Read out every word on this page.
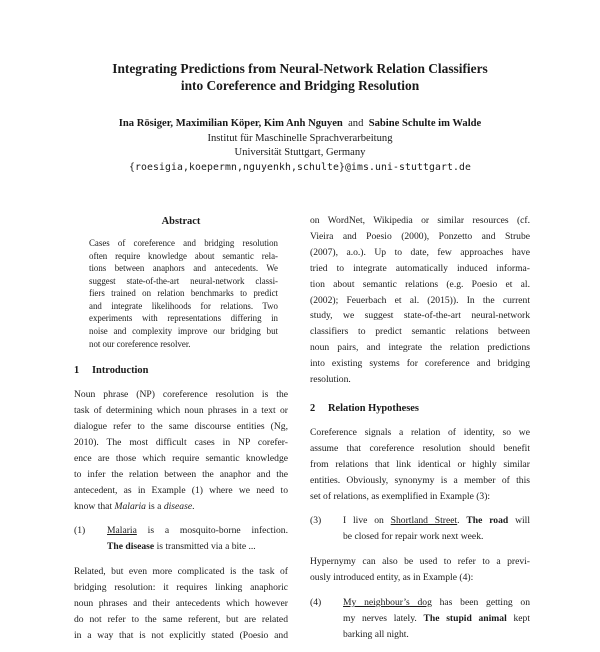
Integrating Predictions from Neural-Network Relation Classifiers
into Coreference and Bridging Resolution
Ina Rösiger, Maximilian Köper, Kim Anh Nguyen and Sabine Schulte im Walde
Institut für Maschinelle Sprachverarbeitung
Universität Stuttgart, Germany
{roesigia,koepermn,nguyenkh,schulte}@ims.uni-stuttgart.de
Abstract
Cases of coreference and bridging resolution
often require knowledge about semantic rela-
tions between anaphors and antecedents. We
suggest state-of-the-art neural-network classi-
fiers trained on relation benchmarks to predict
and integrate likelihoods for relations. Two
experiments with representations differing in
noise and complexity improve our bridging but
not our coreference resolver.
1 Introduction
Noun phrase (NP) coreference resolution is the
task of determining which noun phrases in a text or
dialogue refer to the same discourse entities (Ng,
2010). The most difficult cases in NP corefer-
ence are those which require semantic knowledge
to infer the relation between the anaphor and the
antecedent, as in Example (1) where we need to
know that Malaria is a disease.
(1)	Malaria is a mosquito-borne infection.
The disease is transmitted via a bite ...
Related, but even more complicated is the task of
bridging resolution: it requires linking anaphoric
noun phrases and their antecedents which however
do not refer to the same referent, but are related
in a way that is not explicitly stated (Poesio and
on WordNet, Wikipedia or similar resources (cf.
Vieira and Poesio (2000), Ponzetto and Strube
(2007), a.o.). Up to date, few approaches have
tried to integrate automatically induced informa-
tion about semantic relations (e.g. Poesio et al.
(2002); Feuerbach et al. (2015)). In the current
study, we suggest state-of-the-art neural-network
classifiers to predict semantic relations between
noun pairs, and integrate the relation predictions
into existing systems for coreference and bridging
resolution.
2 Relation Hypotheses
Coreference signals a relation of identity, so we
assume that coreference resolution should benefit
from relations that link identical or highly similar
entities. Obviously, synonymy is a member of this
set of relations, as exemplified in Example (3):
(3)	I live on Shortland Street. The road will
be closed for repair work next week.
Hypernymy can also be used to refer to a previ-
ously introduced entity, as in Example (4):
(4)	My neighbour’s dog has been getting on
my nerves lately. The stupid animal kept
barking all night.
